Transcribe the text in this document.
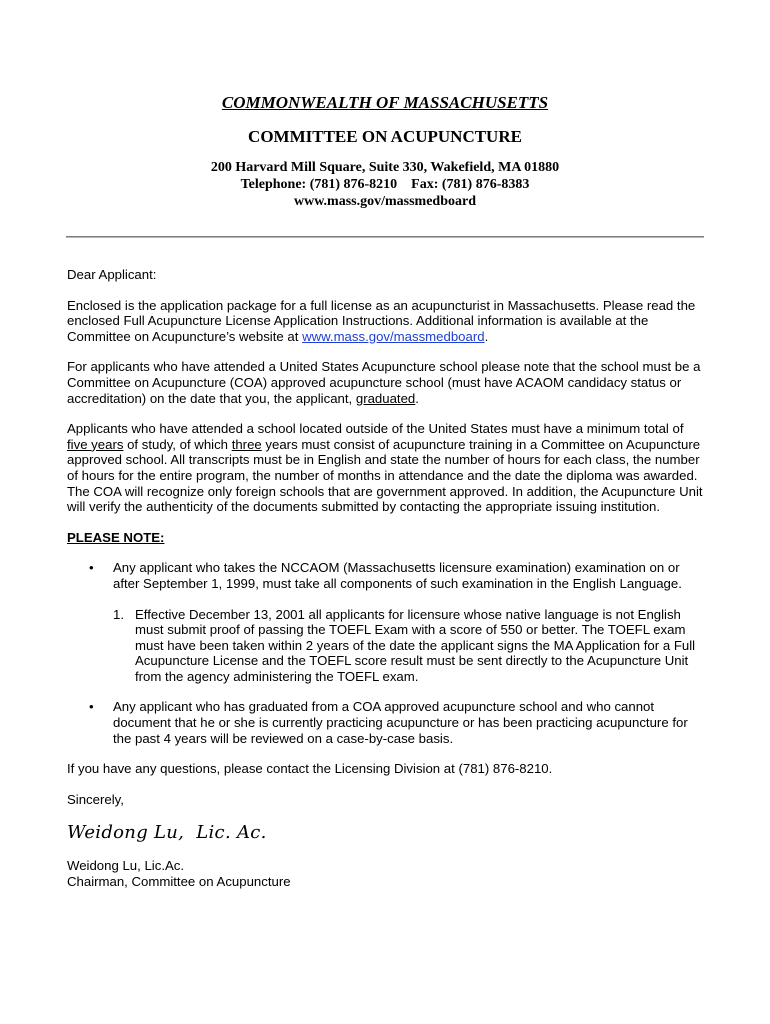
COMMONWEALTH OF MASSACHUSETTS
COMMITTEE ON ACUPUNCTURE
200 Harvard Mill Square, Suite 330, Wakefield, MA 01880
Telephone: (781) 876-8210    Fax: (781) 876-8383
www.mass.gov/massmedboard

Dear Applicant:

Enclosed is the application package for a full license as an acupuncturist in Massachusetts. Please read the enclosed Full Acupuncture License Application Instructions. Additional information is available at the Committee on Acupuncture’s website at www.mass.gov/massmedboard.

For applicants who have attended a United States Acupuncture school please note that the school must be a Committee on Acupuncture (COA) approved acupuncture school (must have ACAOM candidacy status or accreditation) on the date that you, the applicant, graduated.

Applicants who have attended a school located outside of the United States must have a minimum total of five years of study, of which three years must consist of acupuncture training in a Committee on Acupuncture approved school. All transcripts must be in English and state the number of hours for each class, the number of hours for the entire program, the number of months in attendance and the date the diploma was awarded. The COA will recognize only foreign schools that are government approved. In addition, the Acupuncture Unit will verify the authenticity of the documents submitted by contacting the appropriate issuing institution.

PLEASE NOTE:
• Any applicant who takes the NCCAOM (Massachusetts licensure examination) examination on or after September 1, 1999, must take all components of such examination in the English Language.
1. Effective December 13, 2001 all applicants for licensure whose native language is not English must submit proof of passing the TOEFL Exam with a score of 550 or better. The TOEFL exam must have been taken within 2 years of the date the applicant signs the MA Application for a Full Acupuncture License and the TOEFL score result must be sent directly to the Acupuncture Unit from the agency administering the TOEFL exam.
• Any applicant who has graduated from a COA approved acupuncture school and who cannot document that he or she is currently practicing acupuncture or has been practicing acupuncture for the past 4 years will be reviewed on a case-by-case basis.

If you have any questions, please contact the Licensing Division at (781) 876-8210.

Sincerely,

Weidong Lu,  Lic. Ac.

Weidong Lu, Lic.Ac.

Chairman, Committee on Acupuncture
